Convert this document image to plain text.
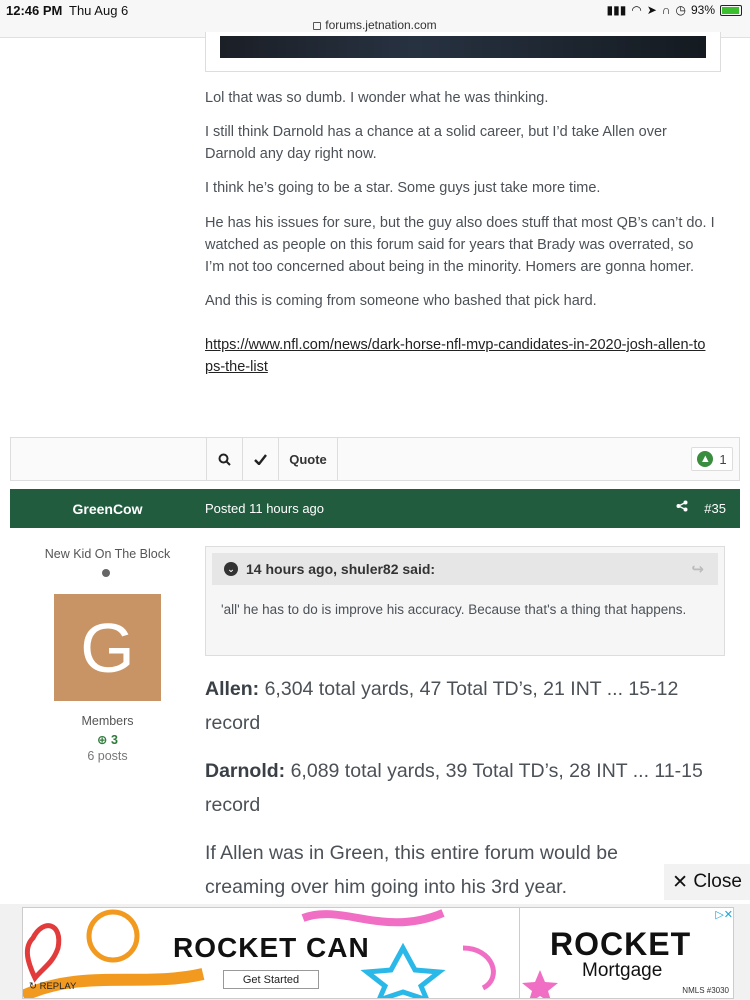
12:46 PM Thu Aug 6
forums.jetnation.com
▮▮▮ ◠ ➤ ∩ ◷ 93%

Lol that was so dumb. I wonder what he was thinking.

I still think Darnold has a chance at a solid career, but I’d take Allen over Darnold any day right now.

I think he’s going to be a star. Some guys just take more time.

He has his issues for sure, but the guy also does stuff that most QB’s can’t do. I watched as people on this forum said for years that Brady was overrated, so I’m not too concerned about being in the minority. Homers are gonna homer.

And this is coming from someone who bashed that pick hard.

https://www.nfl.com/news/dark-horse-nfl-mvp-candidates-in-2020-josh-allen-tops-the-list

Quote	▲ 1
GreenCow	Posted 11 hours ago	#35
New Kid On The Block
G
Members
⊕ 3
6 posts
⌄ 14 hours ago, shuler82 said:	↪

'all' he has to do is improve his accuracy. Because that's a thing that happens.

Allen: 6,304 total yards, 47 Total TD’s, 21 INT ... 15-12 record

Darnold: 6,089 total yards, 39 Total TD’s, 28 INT ... 11-15 record

If Allen was in Green, this entire forum would be creaming over him going into his 3rd year.	✕ Close
ROCKET CAN
Get Started
↻ REPLAY
ROCKET
Mortgage
NMLS #3030
▷✕
